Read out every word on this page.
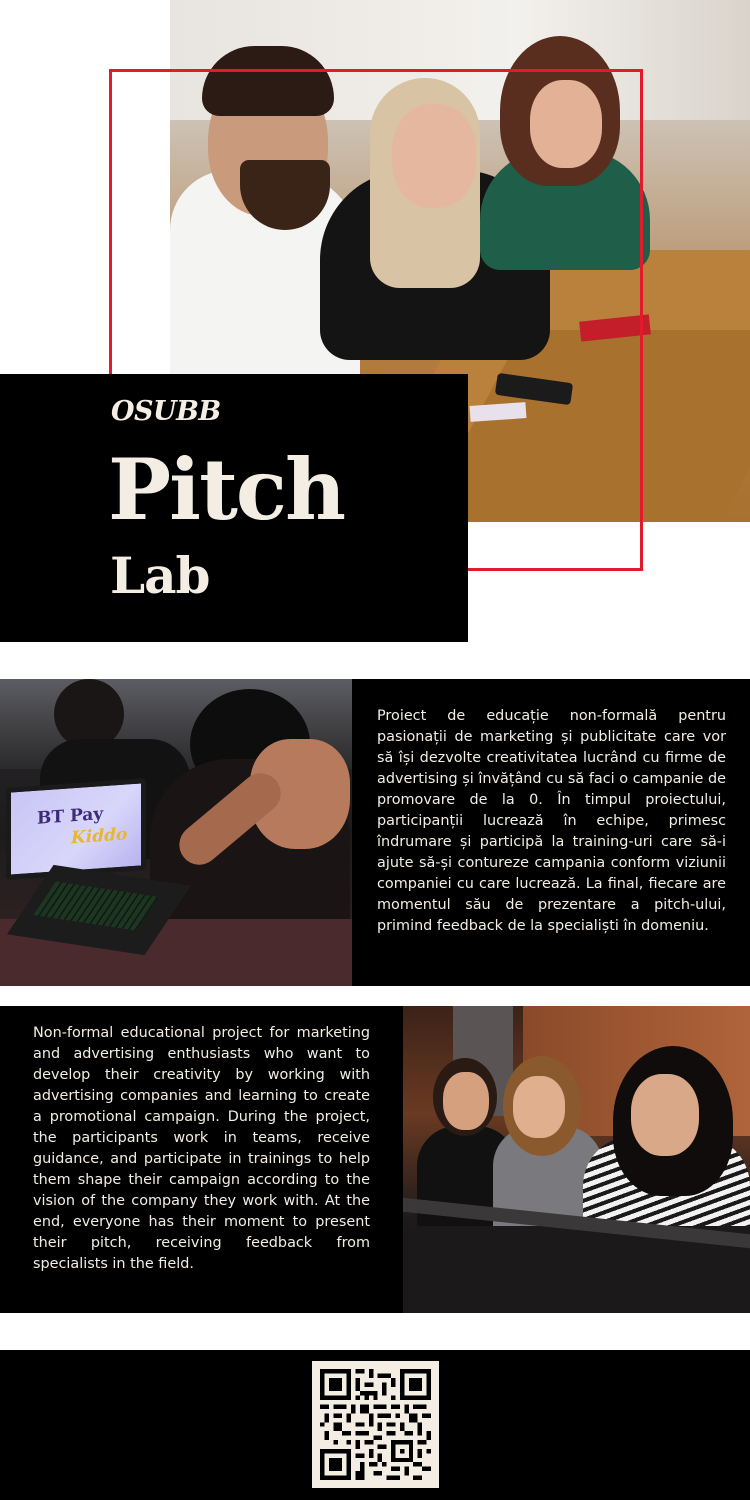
OSUBB
Pitch
Lab
BT Pay
Kiddo

Proiect de educație non-formală pentru pasionații de marketing și publicitate care vor să își dezvolte creativitatea lucrând cu firme de advertising și învățând cu să faci o campanie de promovare de la 0. În timpul proiectului, participanții lucrează în echipe, primesc îndrumare și participă la training-uri care să-i ajute să-și contureze campania conform viziunii companiei cu care lucrează. La final, fiecare are momentul său de prezentare a pitch-ului, primind feedback de la specialiști în domeniu.

Non-formal educational project for marketing and advertising enthusiasts who want to develop their creativity by working with advertising companies and learning to create a promotional campaign. During the project, the participants work in teams, receive guidance, and participate in trainings to help them shape their campaign according to the vision of the company they work with. At the end, everyone has their moment to present their pitch, receiving feedback from specialists in the field.
